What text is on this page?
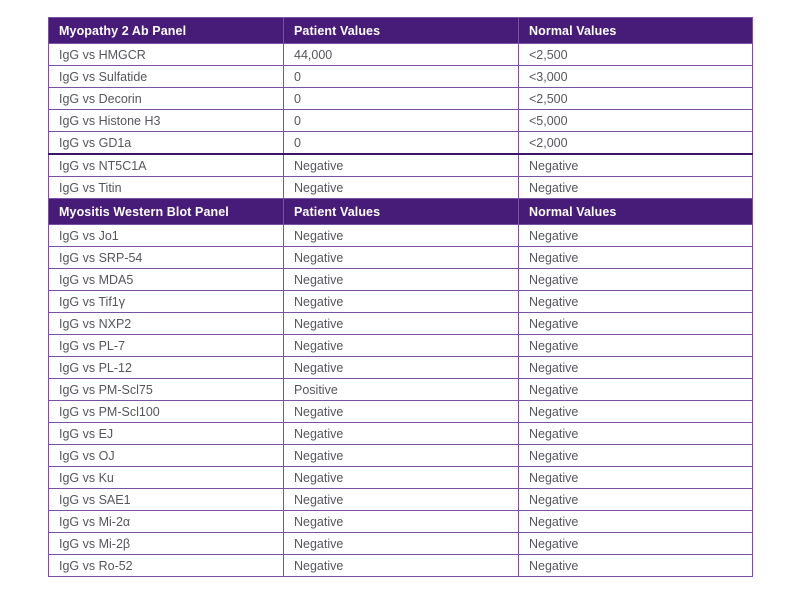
Myopathy 2 Ab Panel	Patient Values	Normal Values
IgG vs HMGCR	44,000	<2,500
IgG vs Sulfatide	0	<3,000
IgG vs Decorin	0	<2,500
IgG vs Histone H3	0	<5,000
IgG vs GD1a	0	<2,000
IgG vs NT5C1A	Negative	Negative
IgG vs Titin	Negative	Negative
Myositis Western Blot Panel	Patient Values	Normal Values
IgG vs Jo1	Negative	Negative
IgG vs SRP-54	Negative	Negative
IgG vs MDA5	Negative	Negative
IgG vs Tif1γ	Negative	Negative
IgG vs NXP2	Negative	Negative
IgG vs PL-7	Negative	Negative
IgG vs PL-12	Negative	Negative
IgG vs PM-Scl75	Positive	Negative
IgG vs PM-Scl100	Negative	Negative
IgG vs EJ	Negative	Negative
IgG vs OJ	Negative	Negative
IgG vs Ku	Negative	Negative
IgG vs SAE1	Negative	Negative
IgG vs Mi-2α	Negative	Negative
IgG vs Mi-2β	Negative	Negative
IgG vs Ro-52	Negative	Negative
